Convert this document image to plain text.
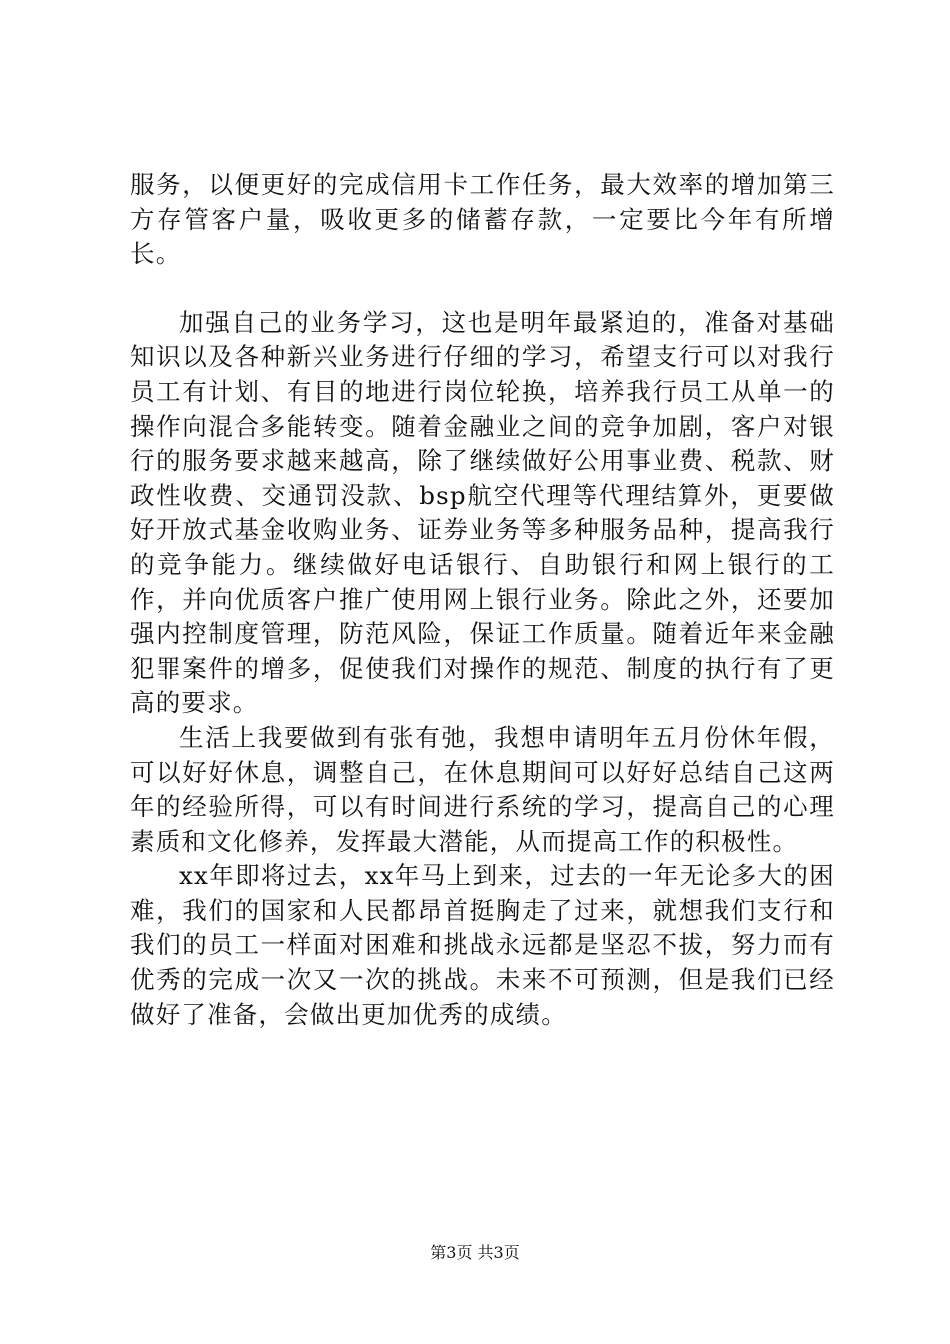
服务，以便更好的完成信用卡工作任务，最大效率的增加第三方存管客户量，吸收更多的储蓄存款，一定要比今年有所增长。

加强自己的业务学习，这也是明年最紧迫的，准备对基础知识以及各种新兴业务进行仔细的学习，希望支行可以对我行员工有计划、有目的地进行岗位轮换，培养我行员工从单一的操作向混合多能转变。随着金融业之间的竞争加剧，客户对银行的服务要求越来越高，除了继续做好公用事业费、税款、财政性收费、交通罚没款、bsp航空代理等代理结算外，更要做好开放式基金收购业务、证券业务等多种服务品种，提高我行的竞争能力。继续做好电话银行、自助银行和网上银行的工作，并向优质客户推广使用网上银行业务。除此之外，还要加强内控制度管理，防范风险，保证工作质量。随着近年来金融犯罪案件的增多，促使我们对操作的规范、制度的执行有了更高的要求。

生活上我要做到有张有弛，我想申请明年五月份休年假，可以好好休息，调整自己，在休息期间可以好好总结自己这两年的经验所得，可以有时间进行系统的学习，提高自己的心理素质和文化修养，发挥最大潜能，从而提高工作的积极性。

xx年即将过去，xx年马上到来，过去的一年无论多大的困难，我们的国家和人民都昂首挺胸走了过来，就想我们支行和我们的员工一样面对困难和挑战永远都是坚忍不拔，努力而有优秀的完成一次又一次的挑战。未来不可预测，但是我们已经做好了准备，会做出更加优秀的成绩。

第3页 共3页
